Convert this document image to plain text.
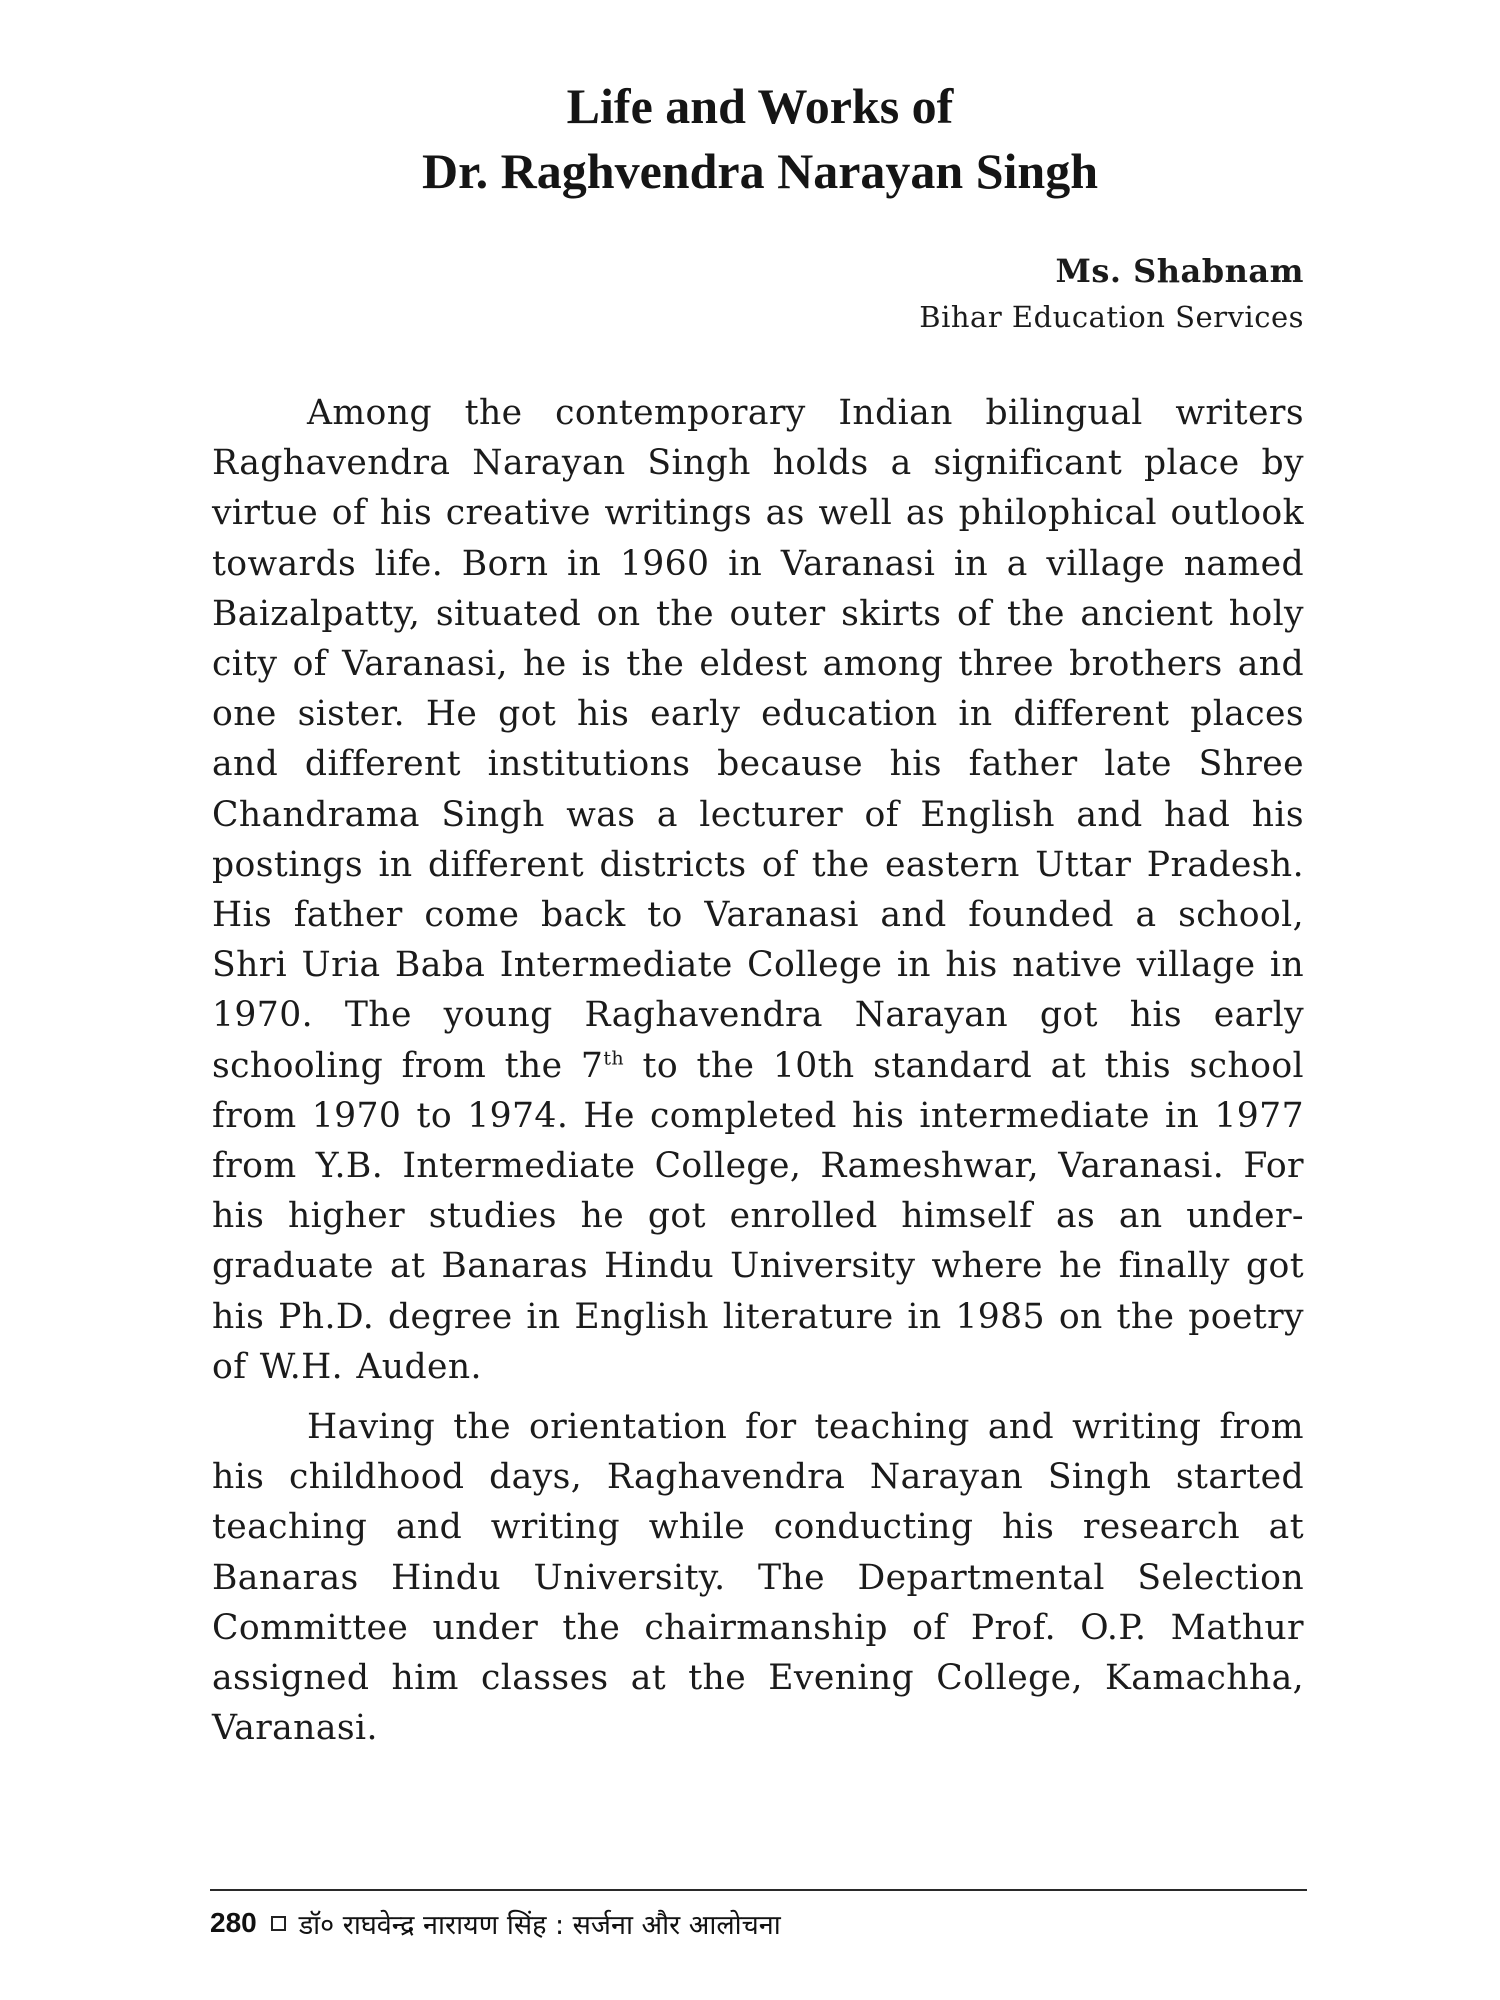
Life and Works of
Dr. Raghvendra Narayan Singh
Ms. Shabnam
Bihar Education Services

Among the contemporary Indian bilingual writers Raghavendra Narayan Singh holds a significant place by virtue of his creative writings as well as philophical outlook towards life. Born in 1960 in Varanasi in a village named Baizalpatty, situated on the outer skirts of the ancient holy city of Varanasi, he is the eldest among three brothers and one sister. He got his early education in different places and different institutions because his father late Shree Chandrama Singh was a lecturer of English and had his postings in different districts of the eastern Uttar Pradesh. His father come back to Varanasi and founded a school, Shri Uria Baba Intermediate College in his native village in 1970. The young Raghavendra Narayan got his early schooling from the 7th to the 10th standard at this school from 1970 to 1974. He completed his intermediate in 1977 from Y.B. Intermediate College, Rameshwar, Varanasi. For his higher studies he got enrolled himself as an under-graduate at Banaras Hindu University where he finally got his Ph.D. degree in English literature in 1985 on the poetry of W.H. Auden.

Having the orientation for teaching and writing from his childhood days, Raghavendra Narayan Singh started teaching and writing while conducting his research at Banaras Hindu University. The Departmental Selection Committee under the chairmanship of Prof. O.P. Mathur assigned him classes at the Evening College, Kamachha, Varanasi.

280 डॉ० राघवेन्द्र नारायण सिंह : सर्जना और आलोचना
